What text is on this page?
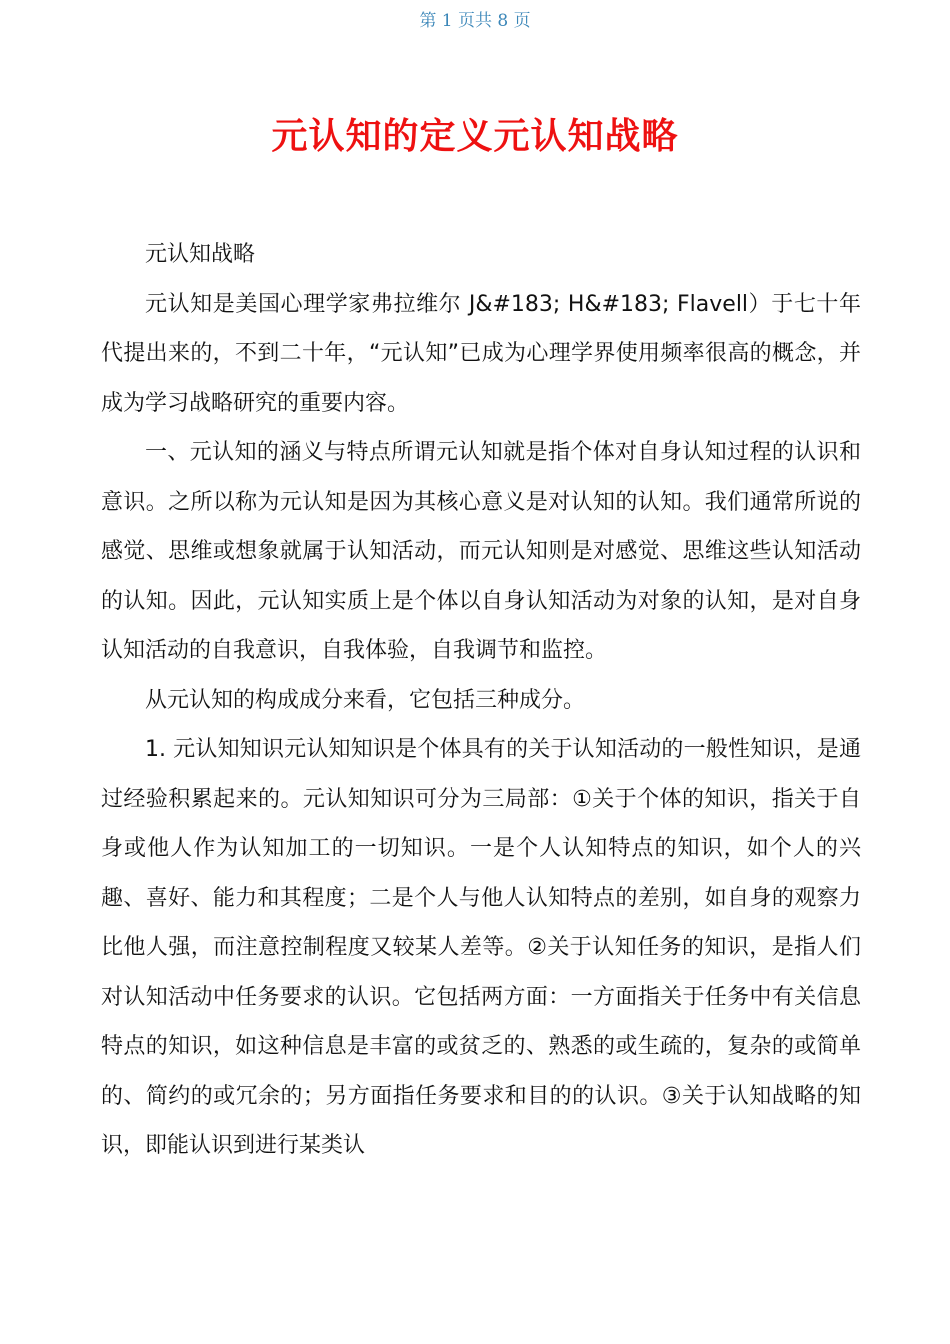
第 1 页共 8 页
元认知的定义元认知战略

元认知战略

元认知是美国心理学家弗拉维尔 J&#183; H&#183; Flavell）于七十年代提出来的，不到二十年，“元认知”已成为心理学界使用频率很高的概念，并成为学习战略研究的重要内容。

一、元认知的涵义与特点所谓元认知就是指个体对自身认知过程的认识和意识。之所以称为元认知是因为其核心意义是对认知的认知。我们通常所说的感觉、思维或想象就属于认知活动，而元认知则是对感觉、思维这些认知活动的认知。因此，元认知实质上是个体以自身认知活动为对象的认知，是对自身认知活动的自我意识，自我体验，自我调节和监控。

从元认知的构成成分来看，它包括三种成分。

1. 元认知知识元认知知识是个体具有的关于认知活动的一般性知识，是通过经验积累起来的。元认知知识可分为三局部：①关于个体的知识，指关于自身或他人作为认知加工的一切知识。一是个人认知特点的知识，如个人的兴趣、喜好、能力和其程度；二是个人与他人认知特点的差别，如自身的观察力比他人强，而注意控制程度又较某人差等。②关于认知任务的知识，是指人们对认知活动中任务要求的认识。它包括两方面：一方面指关于任务中有关信息特点的知识，如这种信息是丰富的或贫乏的、熟悉的或生疏的，复杂的或简单的、简约的或冗余的；另方面指任务要求和目的的认识。③关于认知战略的知识，即能认识到进行某类认
